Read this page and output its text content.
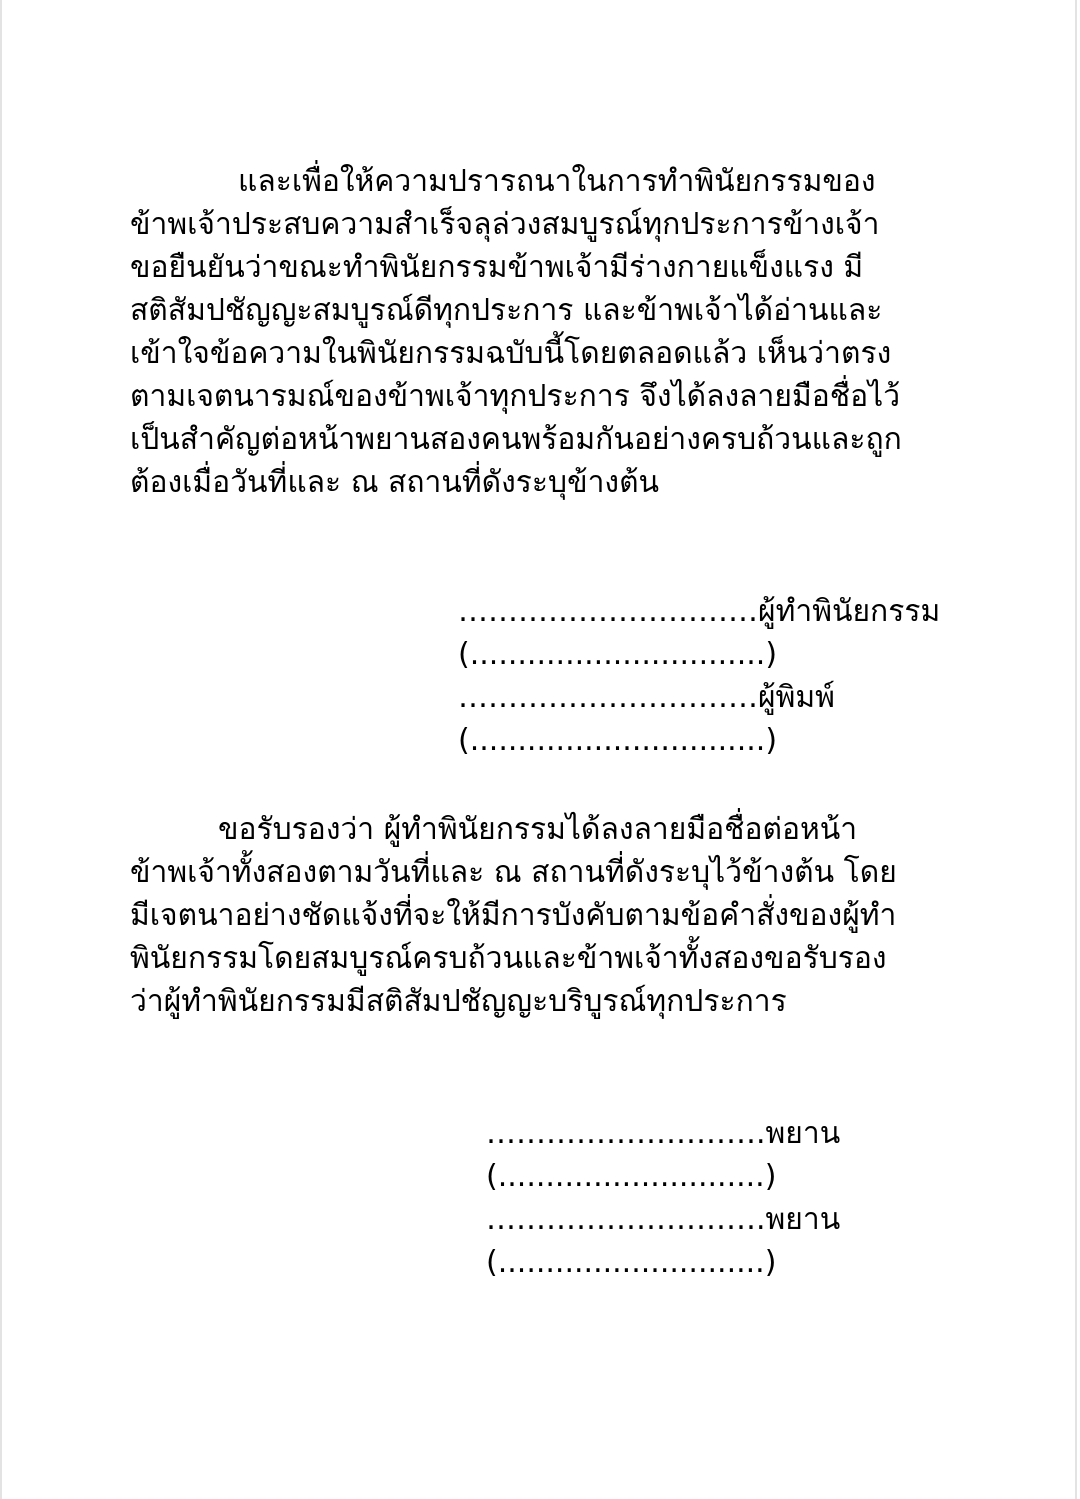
และเพื่อให้ความปรารถนาในการทำพินัยกรรมของ
ข้าพเจ้าประสบความสำเร็จลุล่วงสมบูรณ์ทุกประการข้างเจ้า
ขอยืนยันว่าขณะทำพินัยกรรมข้าพเจ้ามีร่างกายแข็งแรง มี
สติสัมปชัญญะสมบูรณ์ดีทุกประการ และข้าพเจ้าได้อ่านและ
เข้าใจข้อความในพินัยกรรมฉบับนี้โดยตลอดแล้ว เห็นว่าตรง
ตามเจตนารมณ์ของข้าพเจ้าทุกประการ จึงได้ลงลายมือชื่อไว้
เป็นสำคัญต่อหน้าพยานสองคนพร้อมกันอย่างครบถ้วนและถูก
ต้องเมื่อวันที่และ ณ สถานที่ดังระบุข้างต้น
…………………………ผู้ทำพินัยกรรม
(...............................)
…………………………ผู้พิมพ์
(...............................)
ขอรับรองว่า ผู้ทำพินัยกรรมได้ลงลายมือชื่อต่อหน้า
ข้าพเจ้าทั้งสองตามวันที่และ ณ สถานที่ดังระบุไว้ข้างต้น โดย
มีเจตนาอย่างชัดแจ้งที่จะให้มีการบังคับตามข้อคำสั่งของผู้ทำ
พินัยกรรมโดยสมบูรณ์ครบถ้วนและข้าพเจ้าทั้งสองขอรับรอง
ว่าผู้ทำพินัยกรรมมีสติสัมปชัญญะบริบูรณ์ทุกประการ
……………………….พยาน
(............................)
……………………….พยาน
(............................)
